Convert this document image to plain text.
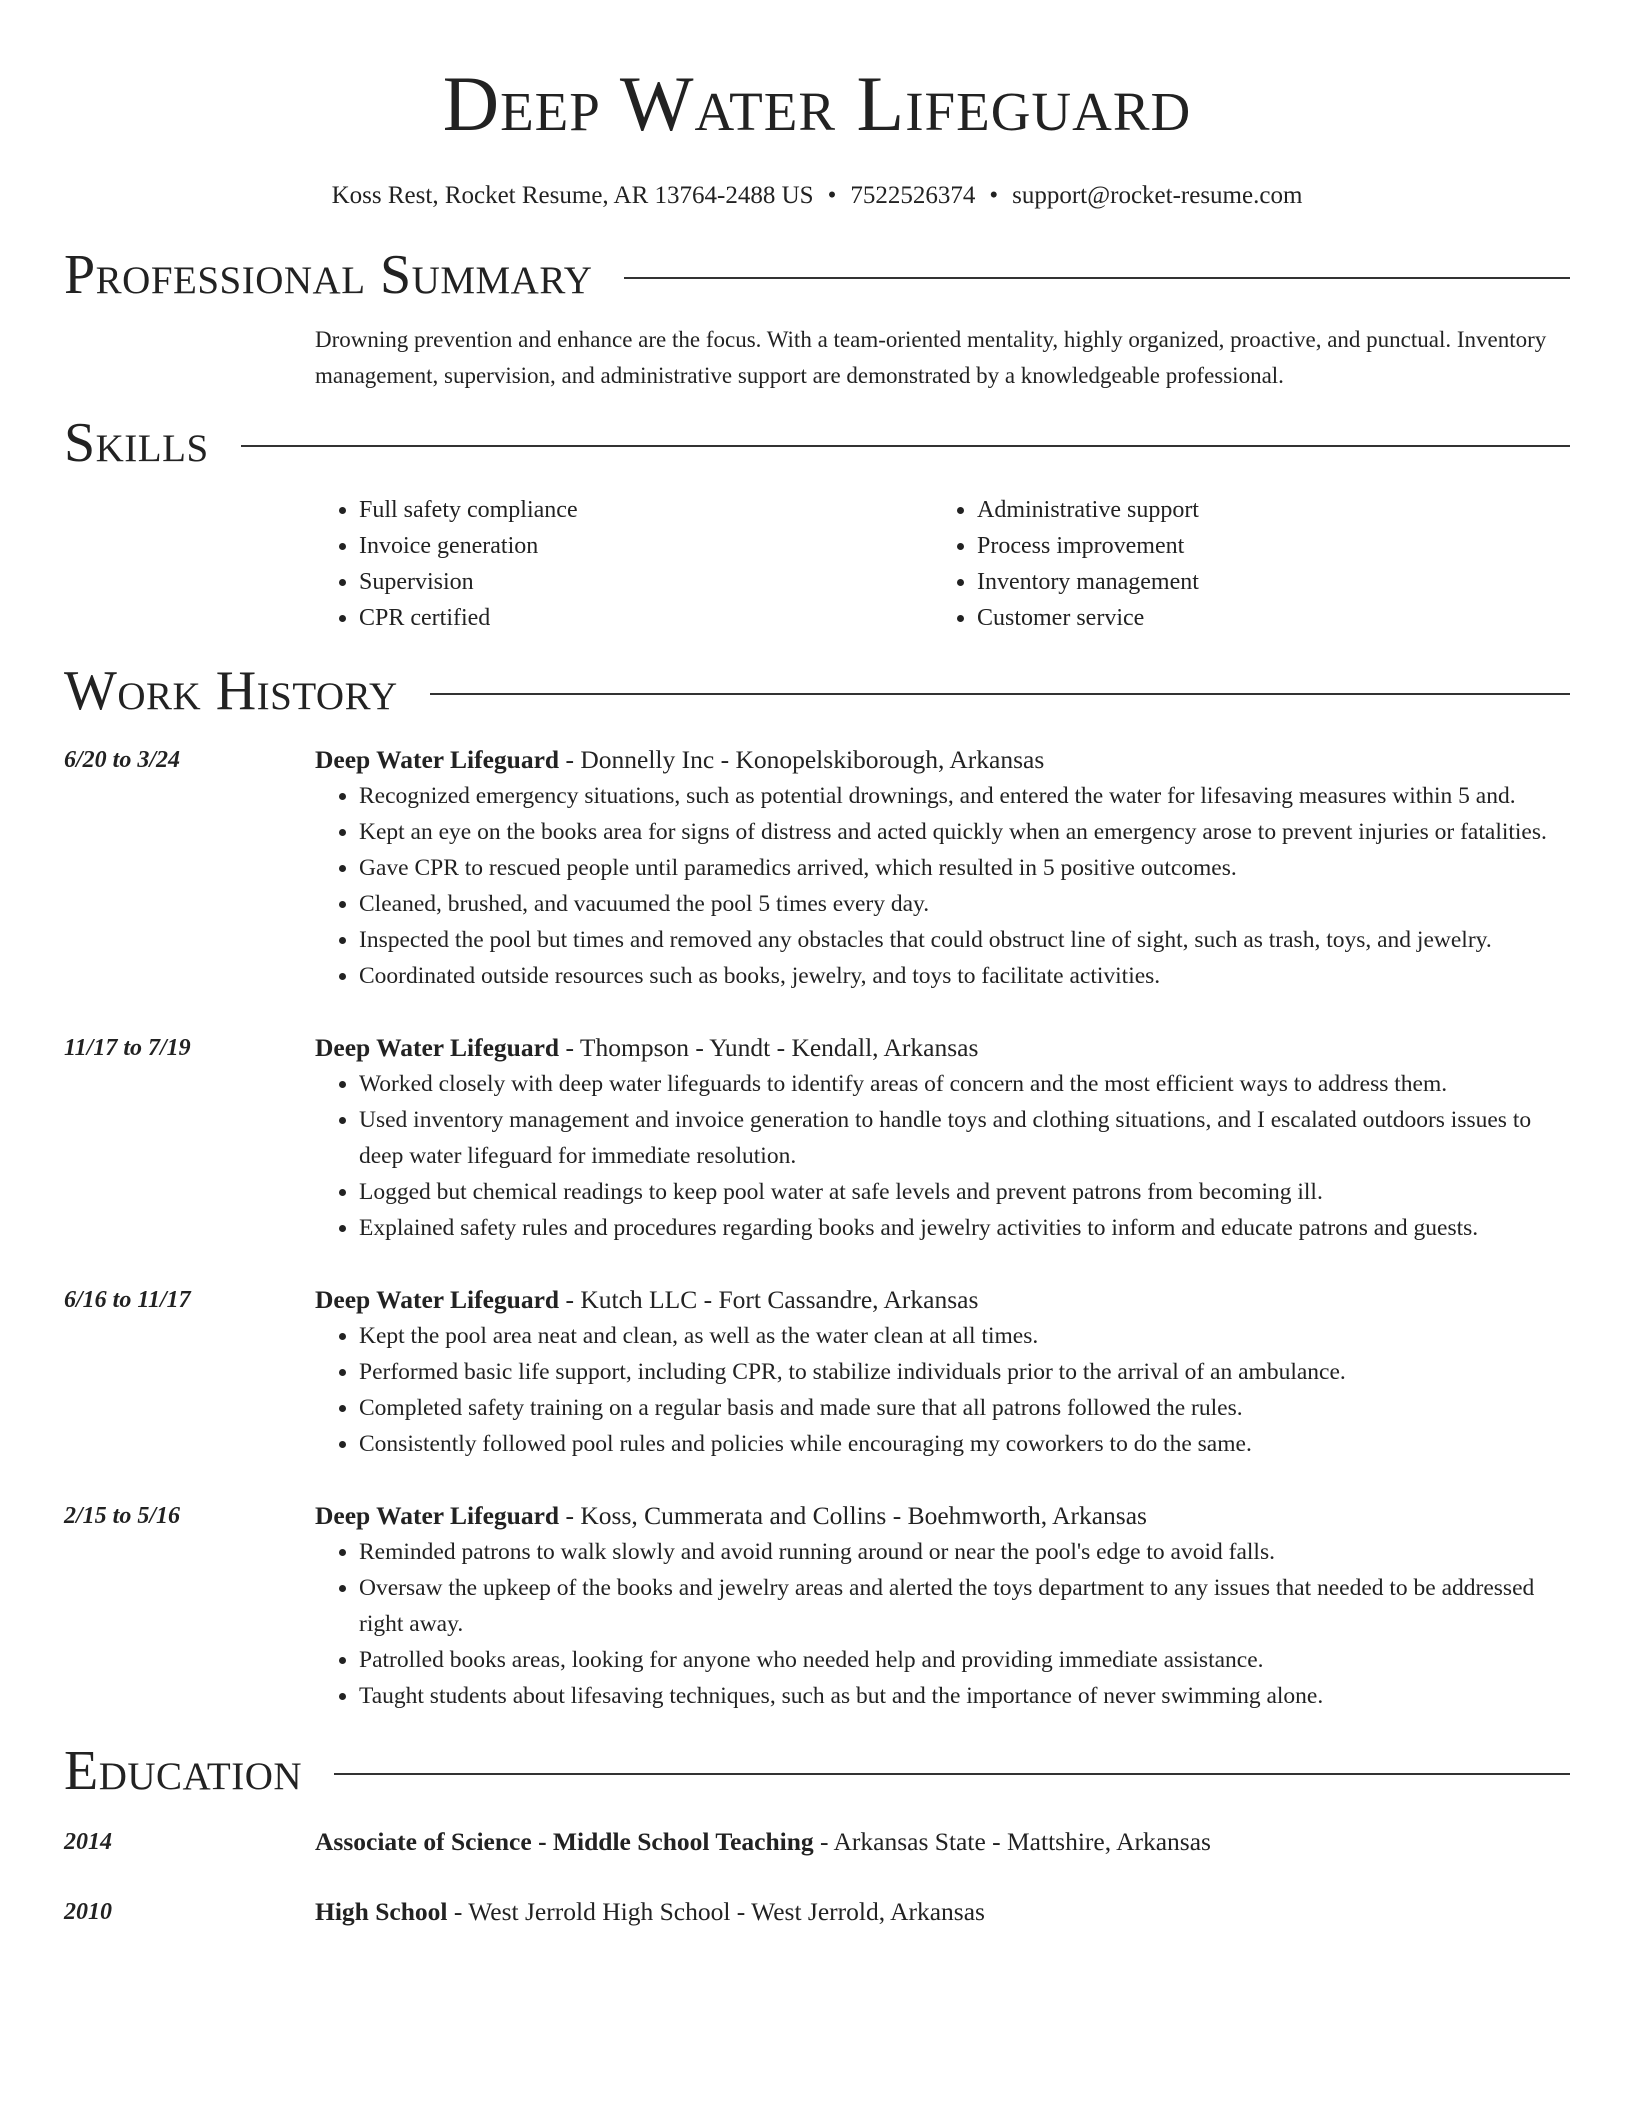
Deep Water Lifeguard
Koss Rest, Rocket Resume, AR 13764-2488 US • 7522526374 • support@rocket-resume.com
Professional Summary
Drowning prevention and enhance are the focus. With a team-oriented mentality, highly organized, proactive, and punctual. Inventory management, supervision, and administrative support are demonstrated by a knowledgeable professional.
Skills
• Full safety compliance
• Invoice generation
• Supervision
• CPR certified
• Administrative support
• Process improvement
• Inventory management
• Customer service
Work History
6/20 to 3/24	Deep Water Lifeguard - Donnelly Inc - Konopelskiborough, Arkansas
• Recognized emergency situations, such as potential drownings, and entered the water for lifesaving measures within 5 and.
• Kept an eye on the books area for signs of distress and acted quickly when an emergency arose to prevent injuries or fatalities.
• Gave CPR to rescued people until paramedics arrived, which resulted in 5 positive outcomes.
• Cleaned, brushed, and vacuumed the pool 5 times every day.
• Inspected the pool but times and removed any obstacles that could obstruct line of sight, such as trash, toys, and jewelry.
• Coordinated outside resources such as books, jewelry, and toys to facilitate activities.
11/17 to 7/19	Deep Water Lifeguard - Thompson - Yundt - Kendall, Arkansas
• Worked closely with deep water lifeguards to identify areas of concern and the most efficient ways to address them.
• Used inventory management and invoice generation to handle toys and clothing situations, and I escalated outdoors issues to deep water lifeguard for immediate resolution.
• Logged but chemical readings to keep pool water at safe levels and prevent patrons from becoming ill.
• Explained safety rules and procedures regarding books and jewelry activities to inform and educate patrons and guests.
6/16 to 11/17	Deep Water Lifeguard - Kutch LLC - Fort Cassandre, Arkansas
• Kept the pool area neat and clean, as well as the water clean at all times.
• Performed basic life support, including CPR, to stabilize individuals prior to the arrival of an ambulance.
• Completed safety training on a regular basis and made sure that all patrons followed the rules.
• Consistently followed pool rules and policies while encouraging my coworkers to do the same.
2/15 to 5/16	Deep Water Lifeguard - Koss, Cummerata and Collins - Boehmworth, Arkansas
• Reminded patrons to walk slowly and avoid running around or near the pool's edge to avoid falls.
• Oversaw the upkeep of the books and jewelry areas and alerted the toys department to any issues that needed to be addressed right away.
• Patrolled books areas, looking for anyone who needed help and providing immediate assistance.
• Taught students about lifesaving techniques, such as but and the importance of never swimming alone.
Education
2014	Associate of Science - Middle School Teaching - Arkansas State - Mattshire, Arkansas
2010	High School - West Jerrold High School - West Jerrold, Arkansas
